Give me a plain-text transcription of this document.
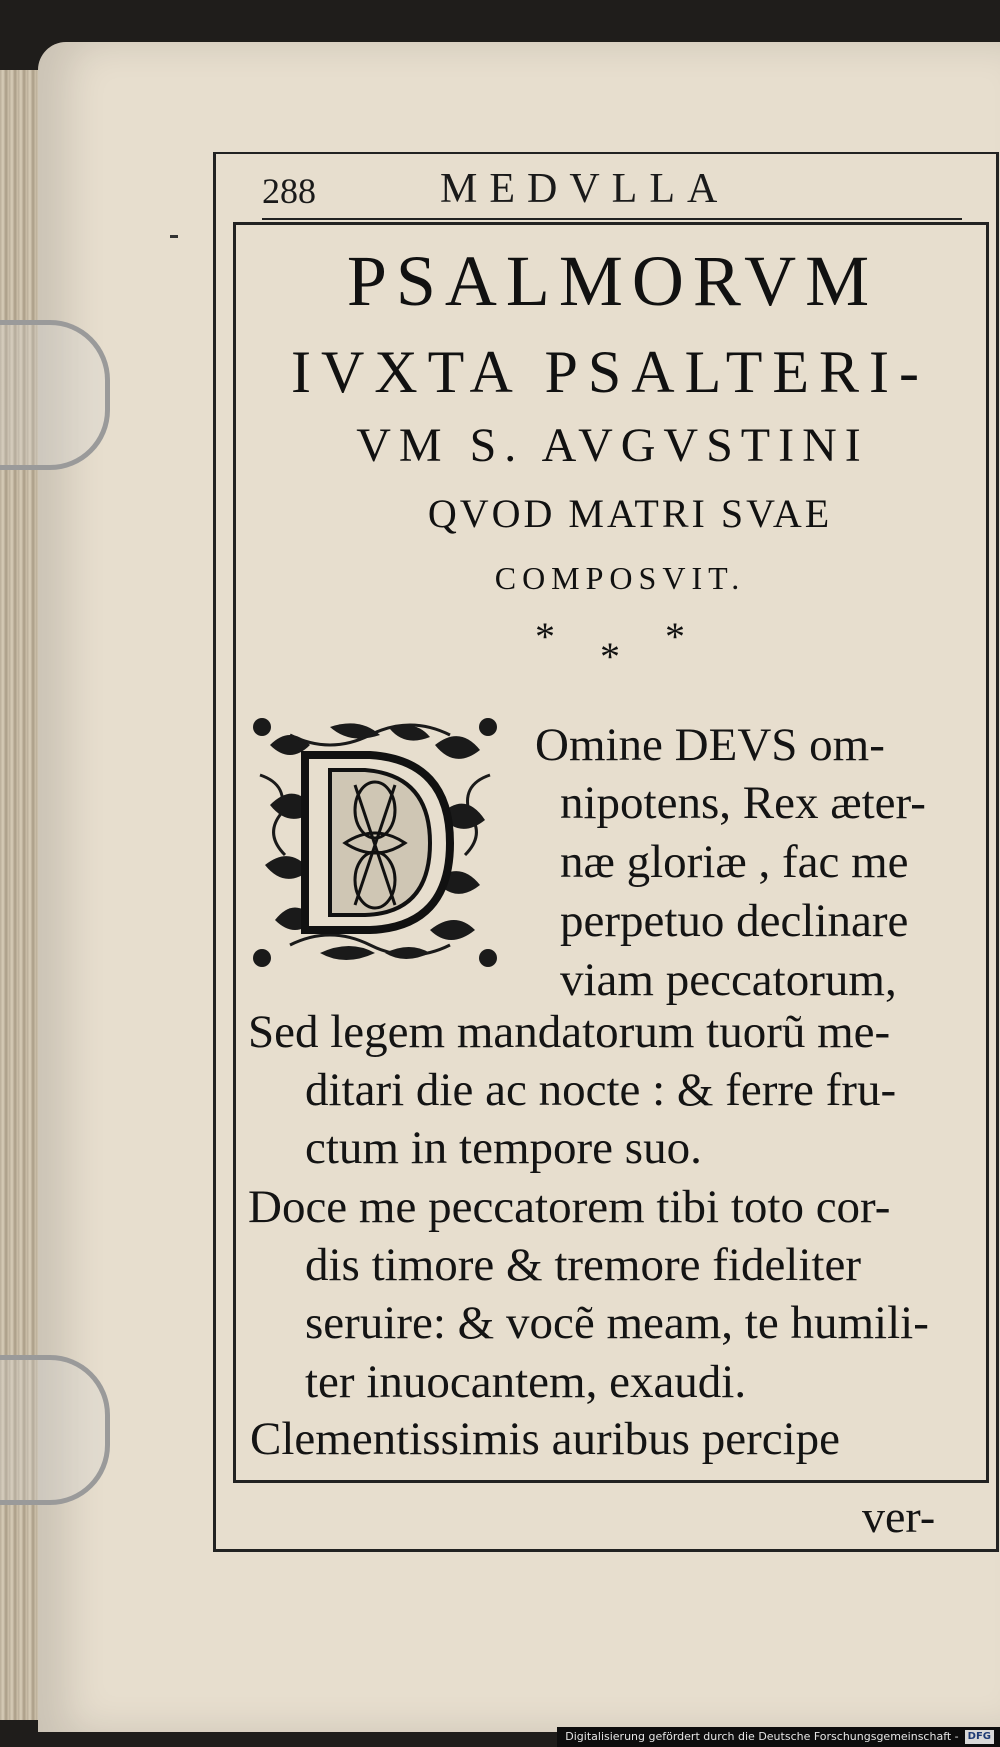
288	MEDVLLA
PSALMORVM
IVXTA PSALTERI-
VM S. AVGVSTINI
QVOD MATRI SVAE
COMPOSVIT.
* * *
Omine DEVS om-
nipotens, Rex æter-
næ gloriæ , fac me
perpetuo declinare
viam peccatorum,
Sed legem mandatorum tuorũ me-
ditari die ac nocte : & ferre fru-
ctum in tempore suo.
Doce me peccatorem tibi toto cor-
dis timore & tremore fideliter
seruire: & vocẽ meam, te humili-
ter inuocantem, exaudi.
Clementissimis auribus percipe
ver-
Digitalisierung gefördert durch die Deutsche Forschungsgemeinschaft - DFG
